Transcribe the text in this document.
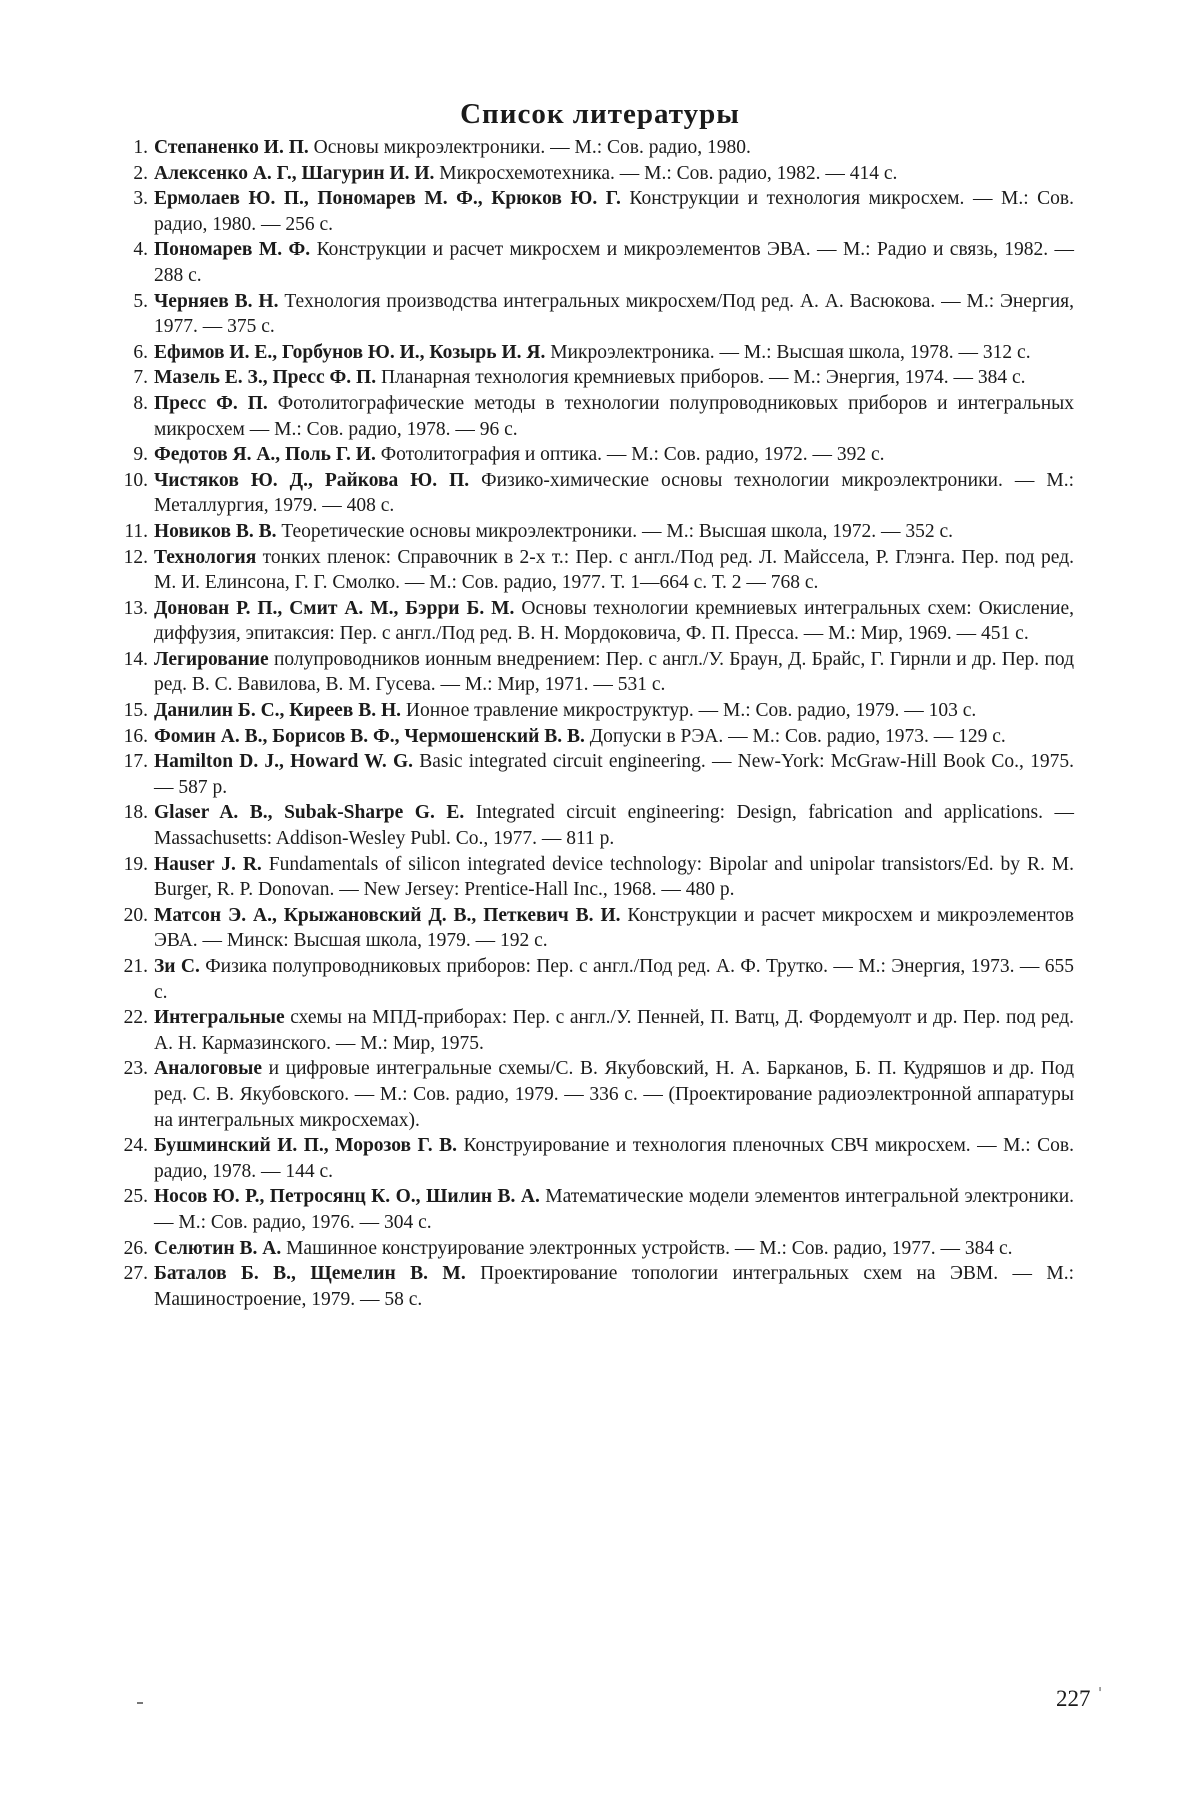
Список литературы
1. Степаненко И. П. Основы микроэлектроники. — М.: Сов. радио, 1980.
2. Алексенко А. Г., Шагурин И. И. Микросхемотехника. — М.: Сов. радио, 1982. — 414 с.
3. Ермолаев Ю. П., Пономарев М. Ф., Крюков Ю. Г. Конструкции и технология микросхем. — М.: Сов. радио, 1980. — 256 с.
4. Пономарев М. Ф. Конструкции и расчет микросхем и микроэлементов ЭВА. — М.: Радио и связь, 1982. — 288 с.
5. Черняев В. Н. Технология производства интегральных микросхем/Под ред. А. А. Васюкова. — М.: Энергия, 1977. — 375 с.
6. Ефимов И. Е., Горбунов Ю. И., Козырь И. Я. Микроэлектроника. — М.: Высшая школа, 1978. — 312 с.
7. Мазель Е. З., Пресс Ф. П. Планарная технология кремниевых приборов. — М.: Энергия, 1974. — 384 с.
8. Пресс Ф. П. Фотолитографические методы в технологии полупроводниковых приборов и интегральных микросхем — М.: Сов. радио, 1978. — 96 с.
9. Федотов Я. А., Поль Г. И. Фотолитография и оптика. — М.: Сов. радио, 1972. — 392 с.
10. Чистяков Ю. Д., Райкова Ю. П. Физико-химические основы технологии микроэлектроники. — М.: Металлургия, 1979. — 408 с.
11. Новиков В. В. Теоретические основы микроэлектроники. — М.: Высшая школа, 1972. — 352 с.
12. Технология тонких пленок: Справочник в 2-х т.: Пер. с англ./Под ред. Л. Майссела, Р. Глэнга. Пер. под ред. М. И. Елинсона, Г. Г. Смолко. — М.: Сов. радио, 1977. Т. 1—664 с. Т. 2 — 768 с.
13. Донован Р. П., Смит А. М., Бэрри Б. М. Основы технологии кремниевых интегральных схем: Окисление, диффузия, эпитаксия: Пер. с англ./Под ред. В. Н. Мордоковича, Ф. П. Пресса. — М.: Мир, 1969. — 451 с.
14. Легирование полупроводников ионным внедрением: Пер. с англ./У. Браун, Д. Брайс, Г. Гирнли и др. Пер. под ред. В. С. Вавилова, В. М. Гусева. — М.: Мир, 1971. — 531 с.
15. Данилин Б. С., Киреев В. Н. Ионное травление микроструктур. — М.: Сов. радио, 1979. — 103 с.
16. Фомин А. В., Борисов В. Ф., Чермошенский В. В. Допуски в РЭА. — М.: Сов. радио, 1973. — 129 с.
17. Hamilton D. J., Howard W. G. Basic integrated circuit engineering. — New-York: McGraw-Hill Book Co., 1975. — 587 p.
18. Glaser A. B., Subak-Sharpe G. E. Integrated circuit engineering: Design, fabrication and applications. — Massachusetts: Addison-Wesley Publ. Co., 1977. — 811 p.
19. Hauser J. R. Fundamentals of silicon integrated device technology: Bipolar and unipolar transistors/Ed. by R. M. Burger, R. P. Donovan. — New Jersey: Prentice-Hall Inc., 1968. — 480 p.
20. Матсон Э. А., Крыжановский Д. В., Петкевич В. И. Конструкции и расчет микросхем и микроэлементов ЭВА. — Минск: Высшая школа, 1979. — 192 с.
21. Зи С. Физика полупроводниковых приборов: Пер. с англ./Под ред. А. Ф. Трутко. — М.: Энергия, 1973. — 655 с.
22. Интегральные схемы на МПД-приборах: Пер. с англ./У. Пенней, П. Ватц, Д. Фордемуолт и др. Пер. под ред. А. Н. Кармазинского. — М.: Мир, 1975.
23. Аналоговые и цифровые интегральные схемы/С. В. Якубовский, Н. А. Барканов, Б. П. Кудряшов и др. Под ред. С. В. Якубовского. — М.: Сов. радио, 1979. — 336 с. — (Проектирование радиоэлектронной аппаратуры на интегральных микросхемах).
24. Бушминский И. П., Морозов Г. В. Конструирование и технология пленочных СВЧ микросхем. — М.: Сов. радио, 1978. — 144 с.
25. Носов Ю. Р., Петросянц К. О., Шилин В. А. Математические модели элементов интегральной электроники. — М.: Сов. радио, 1976. — 304 с.
26. Селютин В. А. Машинное конструирование электронных устройств. — М.: Сов. радио, 1977. — 384 с.
27. Баталов Б. В., Щемелин В. М. Проектирование топологии интегральных схем на ЭВМ. — М.: Машиностроение, 1979. — 58 с.
227 '
